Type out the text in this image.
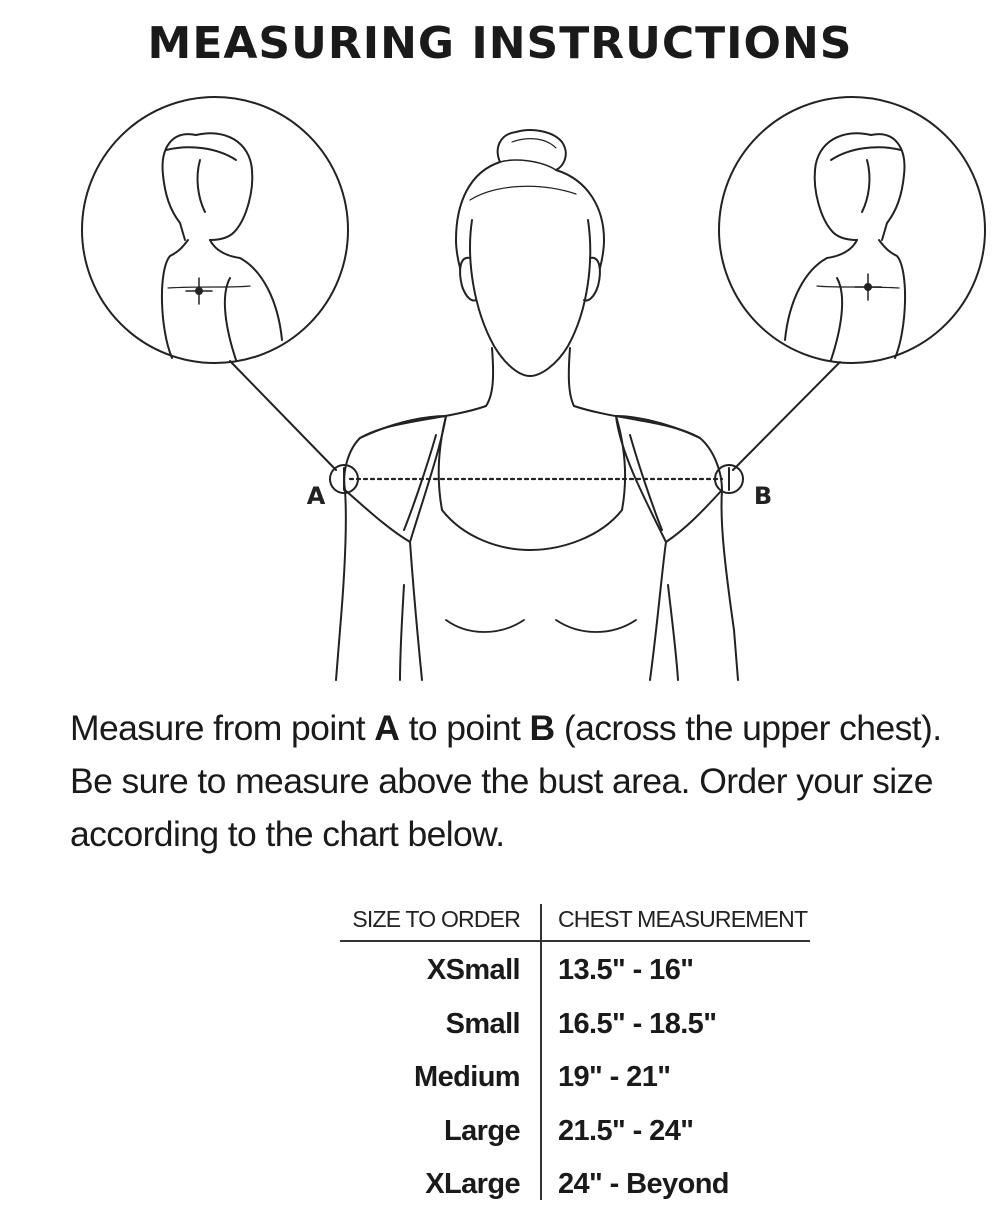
MEASURING INSTRUCTIONS
A	B
Measure from point A to point B (across the upper chest).
Be sure to measure above the bust area. Order your size
according to the chart below.
SIZE TO ORDER CHEST MEASUREMENT
XSmall 13.5" - 16"
Small 16.5" - 18.5"
Medium 19" - 21"
Large 21.5" - 24"
XLarge 24" - Beyond
